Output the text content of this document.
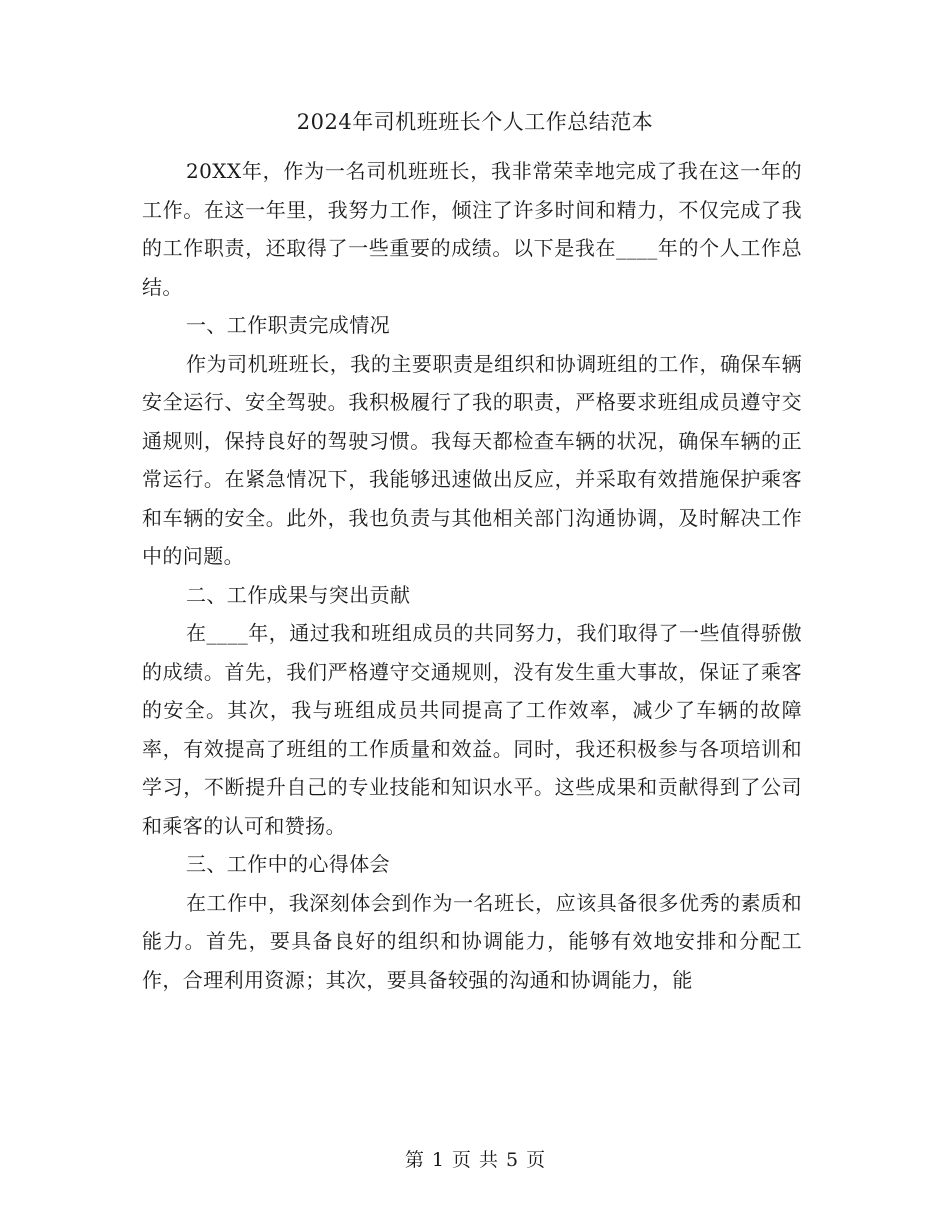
2024年司机班班长个人工作总结范本

20XX年，作为一名司机班班长，我非常荣幸地完成了我在这一年的工作。在这一年里，我努力工作，倾注了许多时间和精力，不仅完成了我的工作职责，还取得了一些重要的成绩。以下是我在____年的个人工作总结。

一、工作职责完成情况

作为司机班班长，我的主要职责是组织和协调班组的工作，确保车辆安全运行、安全驾驶。我积极履行了我的职责，严格要求班组成员遵守交通规则，保持良好的驾驶习惯。我每天都检查车辆的状况，确保车辆的正常运行。在紧急情况下，我能够迅速做出反应，并采取有效措施保护乘客和车辆的安全。此外，我也负责与其他相关部门沟通协调，及时解决工作中的问题。

二、工作成果与突出贡献

在____年，通过我和班组成员的共同努力，我们取得了一些值得骄傲的成绩。首先，我们严格遵守交通规则，没有发生重大事故，保证了乘客的安全。其次，我与班组成员共同提高了工作效率，减少了车辆的故障率，有效提高了班组的工作质量和效益。同时，我还积极参与各项培训和学习，不断提升自己的专业技能和知识水平。这些成果和贡献得到了公司和乘客的认可和赞扬。

三、工作中的心得体会

在工作中，我深刻体会到作为一名班长，应该具备很多优秀的素质和能力。首先，要具备良好的组织和协调能力，能够有效地安排和分配工作，合理利用资源；其次，要具备较强的沟通和协调能力，能

第 1 页 共 5 页
